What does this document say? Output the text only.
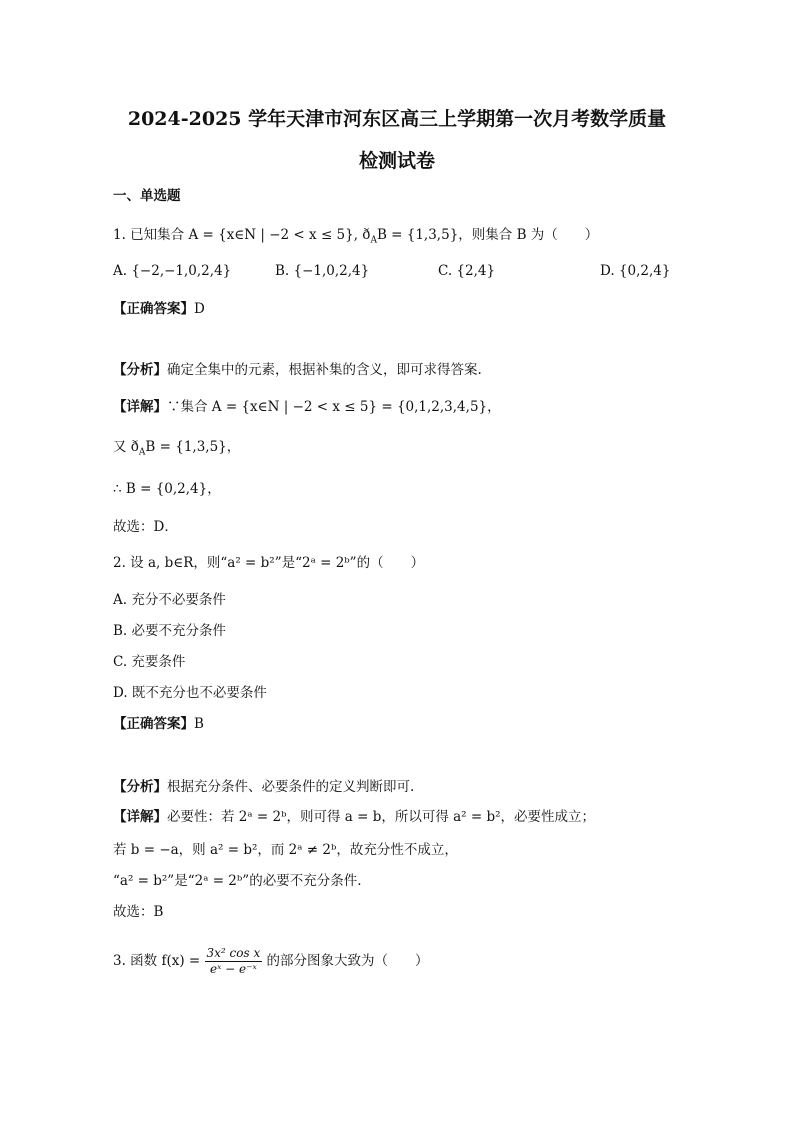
2024-2025 学年天津市河东区高三上学期第一次月考数学质量
检测试卷
一、单选题
1. 已知集合 A = {x∈N | −2 < x ≤ 5}, $ð_AB = \{1,3,5\}$，则集合 B 为（　　）
A. {−2,−1,0,2,4}	B. {−1,0,2,4}	C. {2,4}	D. {0,2,4}
【正确答案】D
【分析】确定全集中的元素，根据补集的含义，即可求得答案.
【详解】∵集合 A = {x∈N | −2 < x ≤ 5} = {0,1,2,3,4,5}，
又 $ð_AB = \{1,3,5\}$，
∴ B = {0,2,4}，
故选：D．
2. 设 a, b∈R，则“a² = b²”是“2ᵃ = 2ᵇ”的（　　）
A. 充分不必要条件
B. 必要不充分条件
C. 充要条件
D. 既不充分也不必要条件
【正确答案】B
【分析】根据充分条件、必要条件的定义判断即可.
【详解】必要性：若 2ᵃ = 2ᵇ，则可得 a = b，所以可得 a² = b²，必要性成立；
若 b = −a，则 a² = b²，而 2ᵃ ≠ 2ᵇ，故充分性不成立，
“a² = b²”是“2ᵃ = 2ᵇ”的必要不充分条件.
故选：B
3. 函数 $f(x) = \frac{\text{3x² cos x}}{\text{eˣ − e⁻ˣ}}$ 的部分图象大致为（　　）
